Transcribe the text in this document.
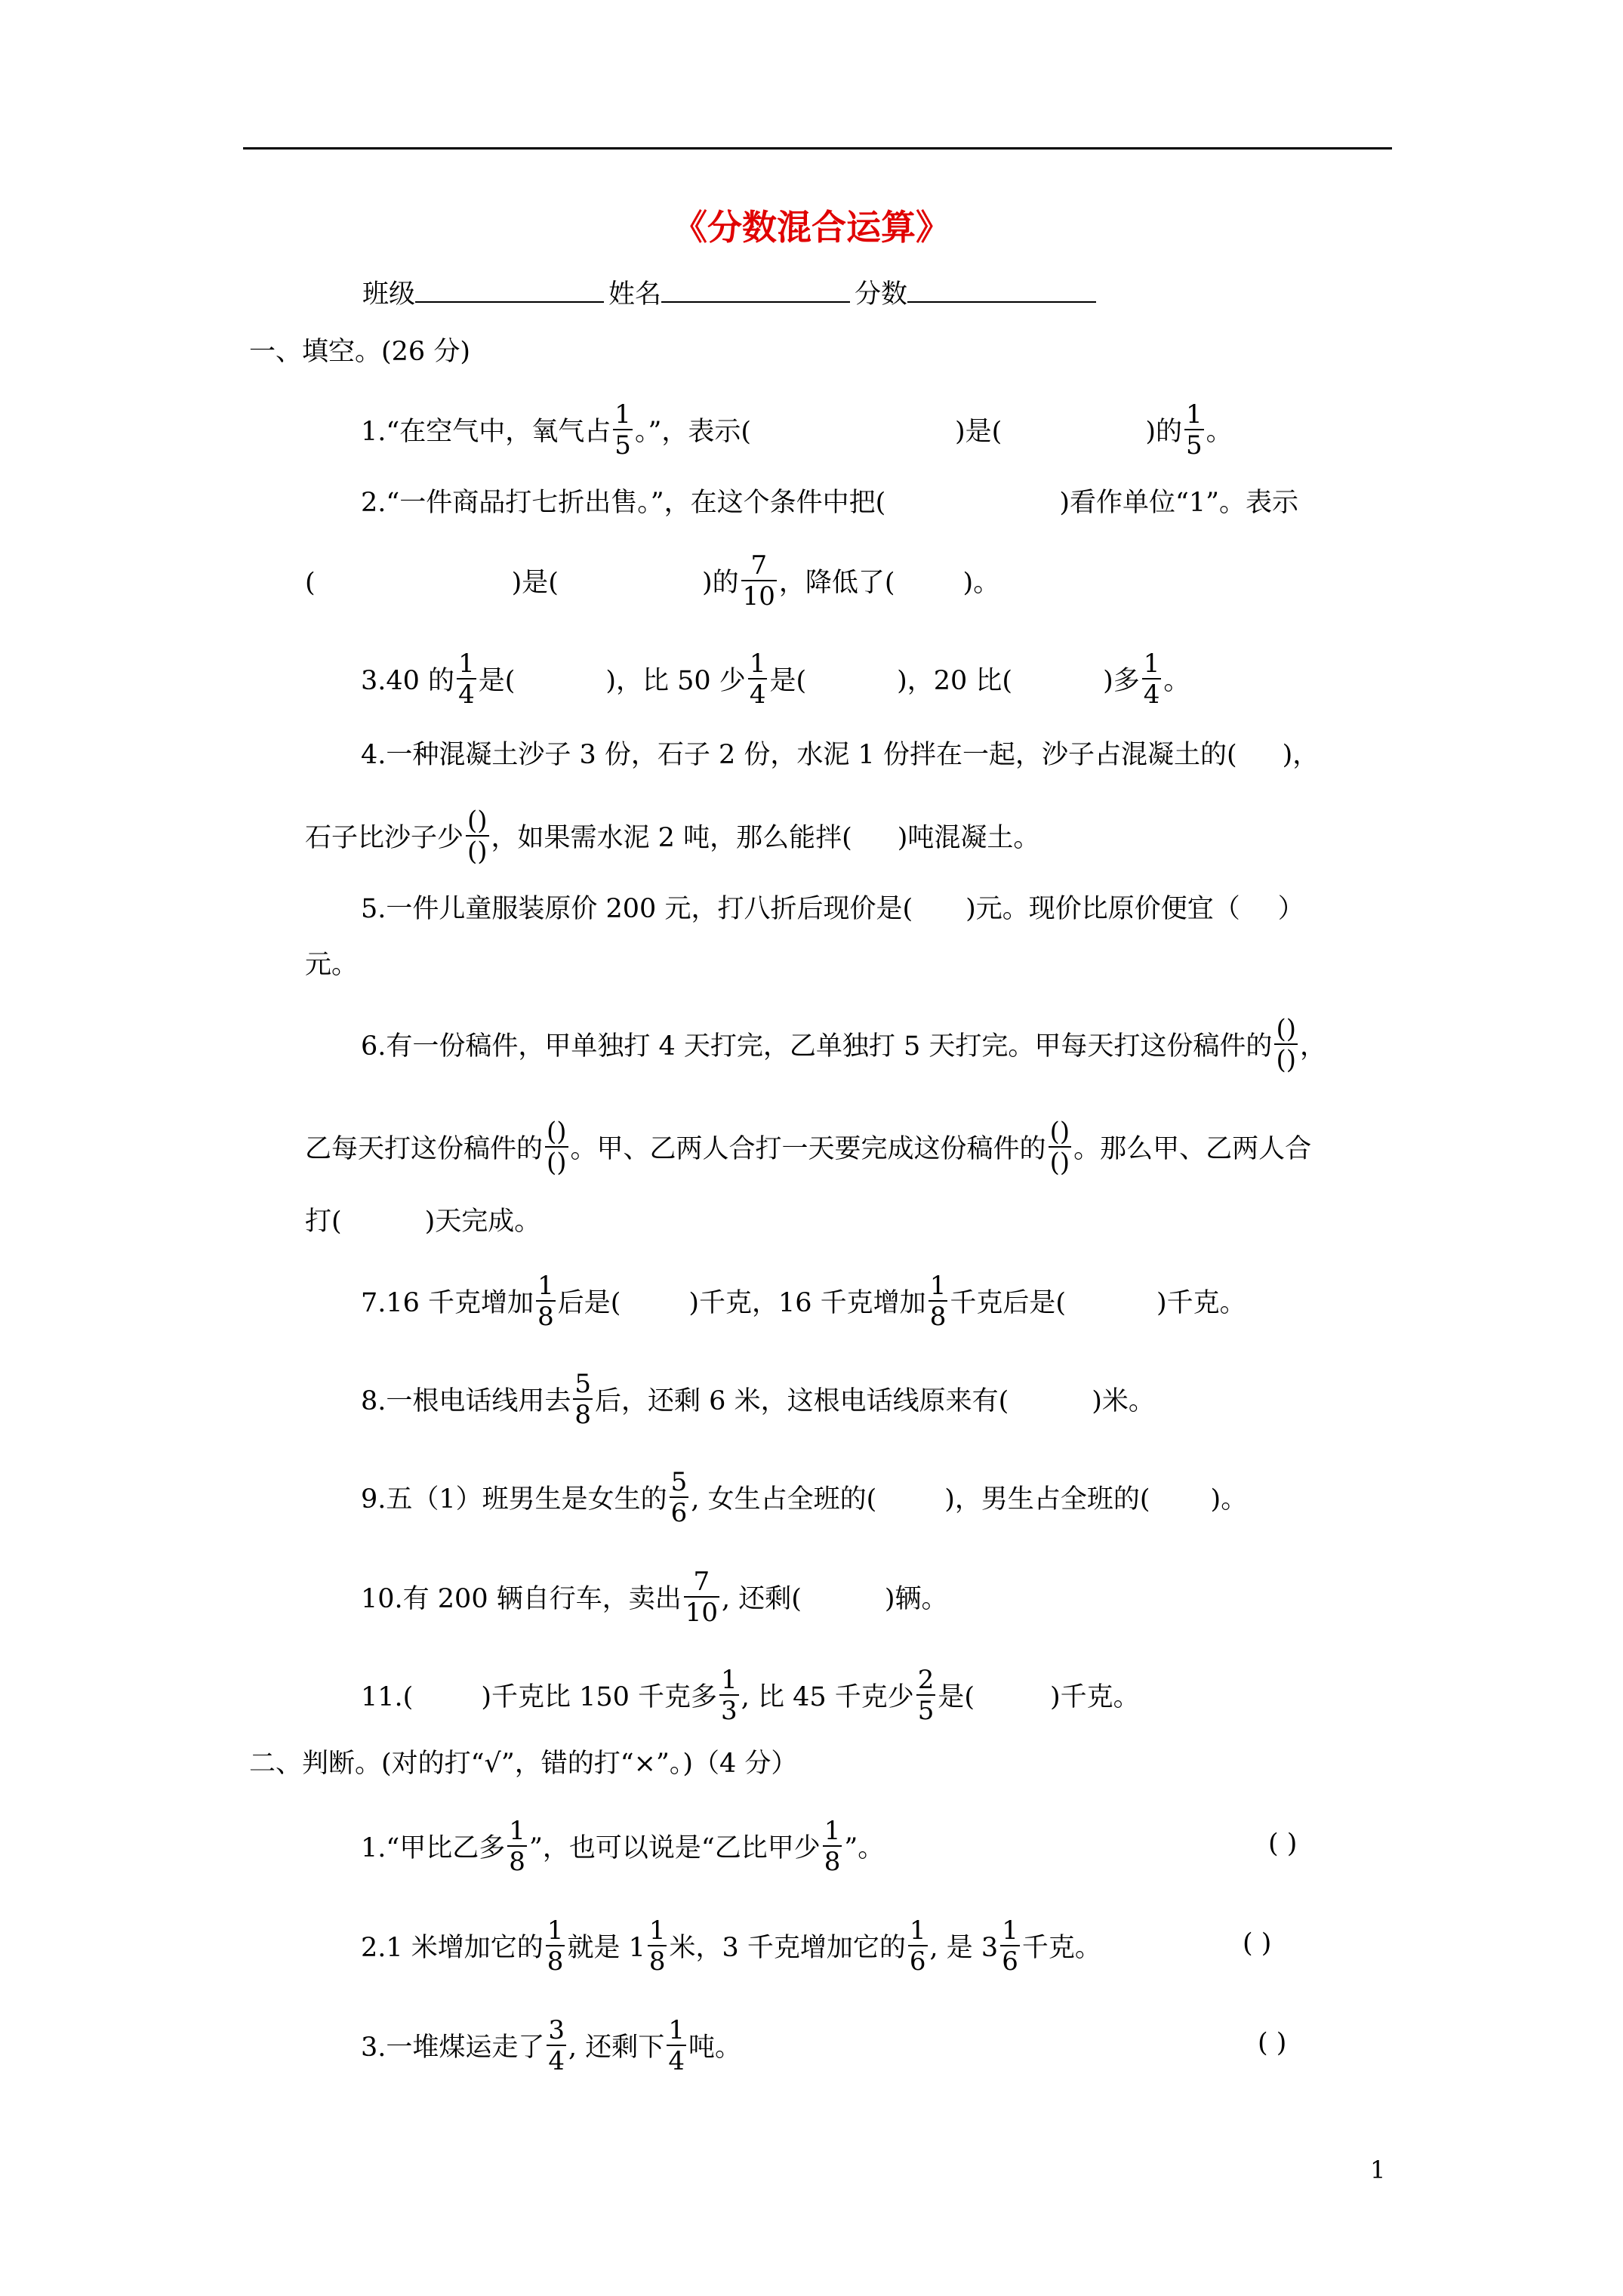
《分数混合运算》
班级	姓名	分数
一、填空。(26 分)
1.“在空气中，氧气占 $\frac{1}{5}$ 。”，表示(	)是(	)的 $\frac{1}{5}$ 。
2.“一件商品打七折出售。”，在这个条件中把(	)看作单位“1”。表示
(	)是(	)的 $\frac{7}{10}$ ，降低了(	)。
3.40 的 $\frac{1}{4}$ 是(	)，比 50 少 $\frac{1}{4}$ 是(	)，20 比(	)多 $\frac{1}{4}$ 。
4.一种混凝土沙子 3 份，石子 2 份，水泥 1 份拌在一起，沙子占混凝土的( )，
石子比沙子少 $\frac{()}{()}$ ，如果需水泥 2 吨，那么能拌( )吨混凝土。
5.一件儿童服装原价 200 元，打八折后现价是( )元。现价比原价便宜（ ）
元。
6.有一份稿件，甲单独打 4 天打完，乙单独打 5 天打完。甲每天打这份稿件的 $\frac{()}{()}$ ，
乙每天打这份稿件的 $\frac{()}{()}$ 。甲、乙两人合打一天要完成这份稿件的 $\frac{()}{()}$ 。那么甲、乙两人合
打(	)天完成。
7.16 千克增加 $\frac{1}{8}$ 后是(	)千克，16 千克增加 $\frac{1}{8}$ 千克后是(	)千克。
8.一根电话线用去 $\frac{5}{8}$ 后，还剩 6 米，这根电话线原来有(	)米。
9.五（1）班男生是女生的 $\frac{5}{6}$ , 女生占全班的(	)，男生占全班的( )。
10.有 200 辆自行车，卖出 $\frac{7}{10}$ , 还剩(	)辆。
11.(	)千克比 150 千克多 $\frac{1}{3}$ , 比 45 千克少 $\frac{2}{5}$ 是(	)千克。
二、判断。(对的打“√”，错的打“×”。)（4 分）
1.“甲比乙多 $\frac{1}{8}$ ”，也可以说是“乙比甲少 $\frac{1}{8}$ ”。	( )
2.1 米增加它的 $\frac{1}{8}$ 就是 $1 \frac{1}{8}$ 米，3 千克增加它的 $\frac{1}{6}$ , 是 $3 \frac{1}{6}$ 千克。	( )
3.一堆煤运走了 $\frac{3}{4}$ , 还剩下 $\frac{1}{4}$ 吨。	( )
1
